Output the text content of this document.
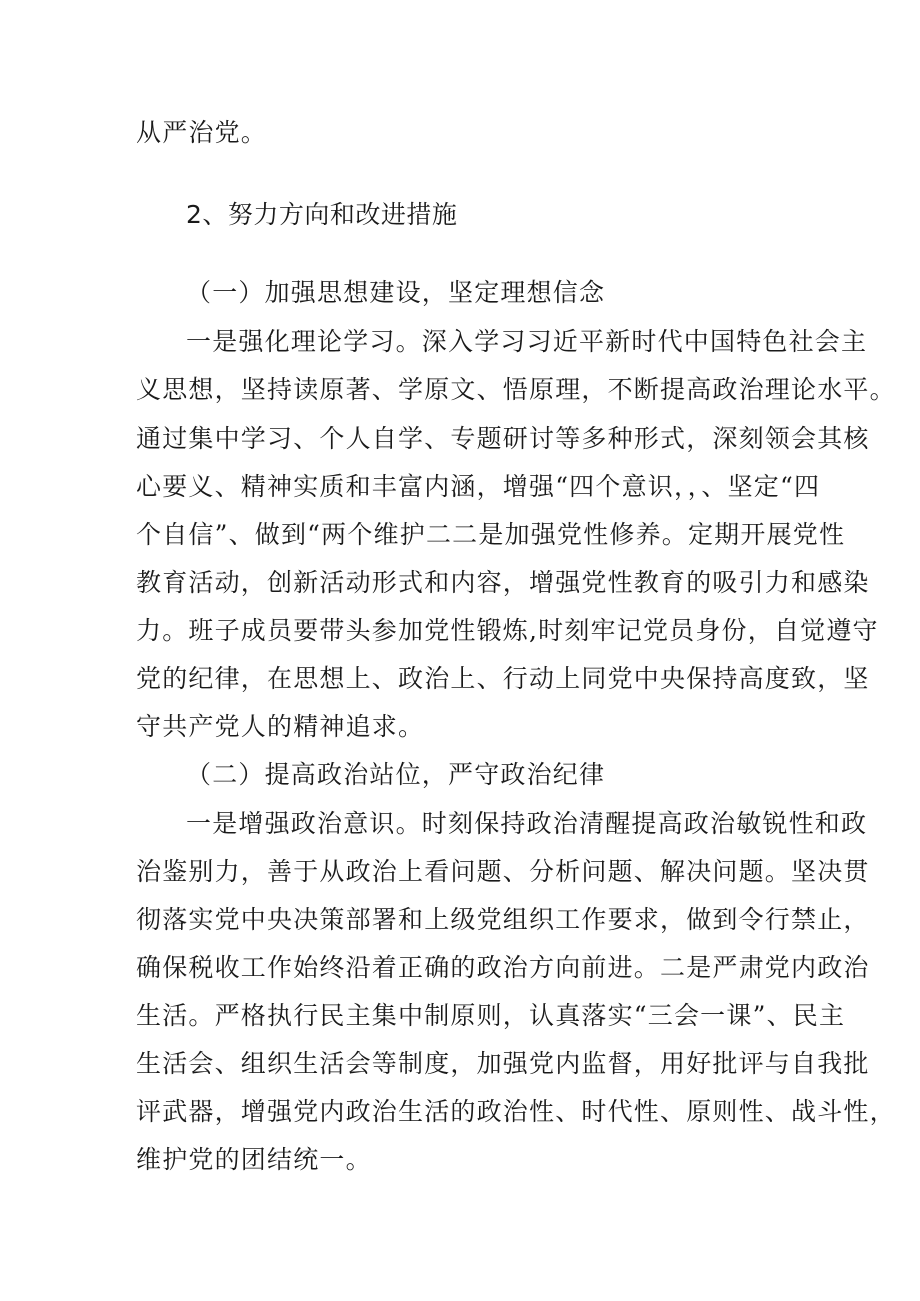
从严治党。
2、努力方向和改进措施
（一）加强思想建设，坚定理想信念
一是强化理论学习。深入学习习近平新时代中国特色社会主
义思想，坚持读原著、学原文、悟原理，不断提高政治理论水平。
通过集中学习、个人自学、专题研讨等多种形式，深刻领会其核
心要义、精神实质和丰富内涵，增强“四个意识，，、坚定“四
个自信”、做到“两个维护二二是加强党性修养。定期开展党性
教育活动，创新活动形式和内容，增强党性教育的吸引力和感染
力。班子成员要带头参加党性锻炼,时刻牢记党员身份，自觉遵守
党的纪律，在思想上、政治上、行动上同党中央保持高度致，坚
守共产党人的精神追求。
（二）提高政治站位，严守政治纪律
一是增强政治意识。时刻保持政治清醒提高政治敏锐性和政
治鉴别力，善于从政治上看问题、分析问题、解决问题。坚决贯
彻落实党中央决策部署和上级党组织工作要求，做到令行禁止，
确保税收工作始终沿着正确的政治方向前进。二是严肃党内政治
生活。严格执行民主集中制原则，认真落实“三会一课”、民主
生活会、组织生活会等制度，加强党内监督，用好批评与自我批
评武器，增强党内政治生活的政治性、时代性、原则性、战斗性，
维护党的团结统一。
